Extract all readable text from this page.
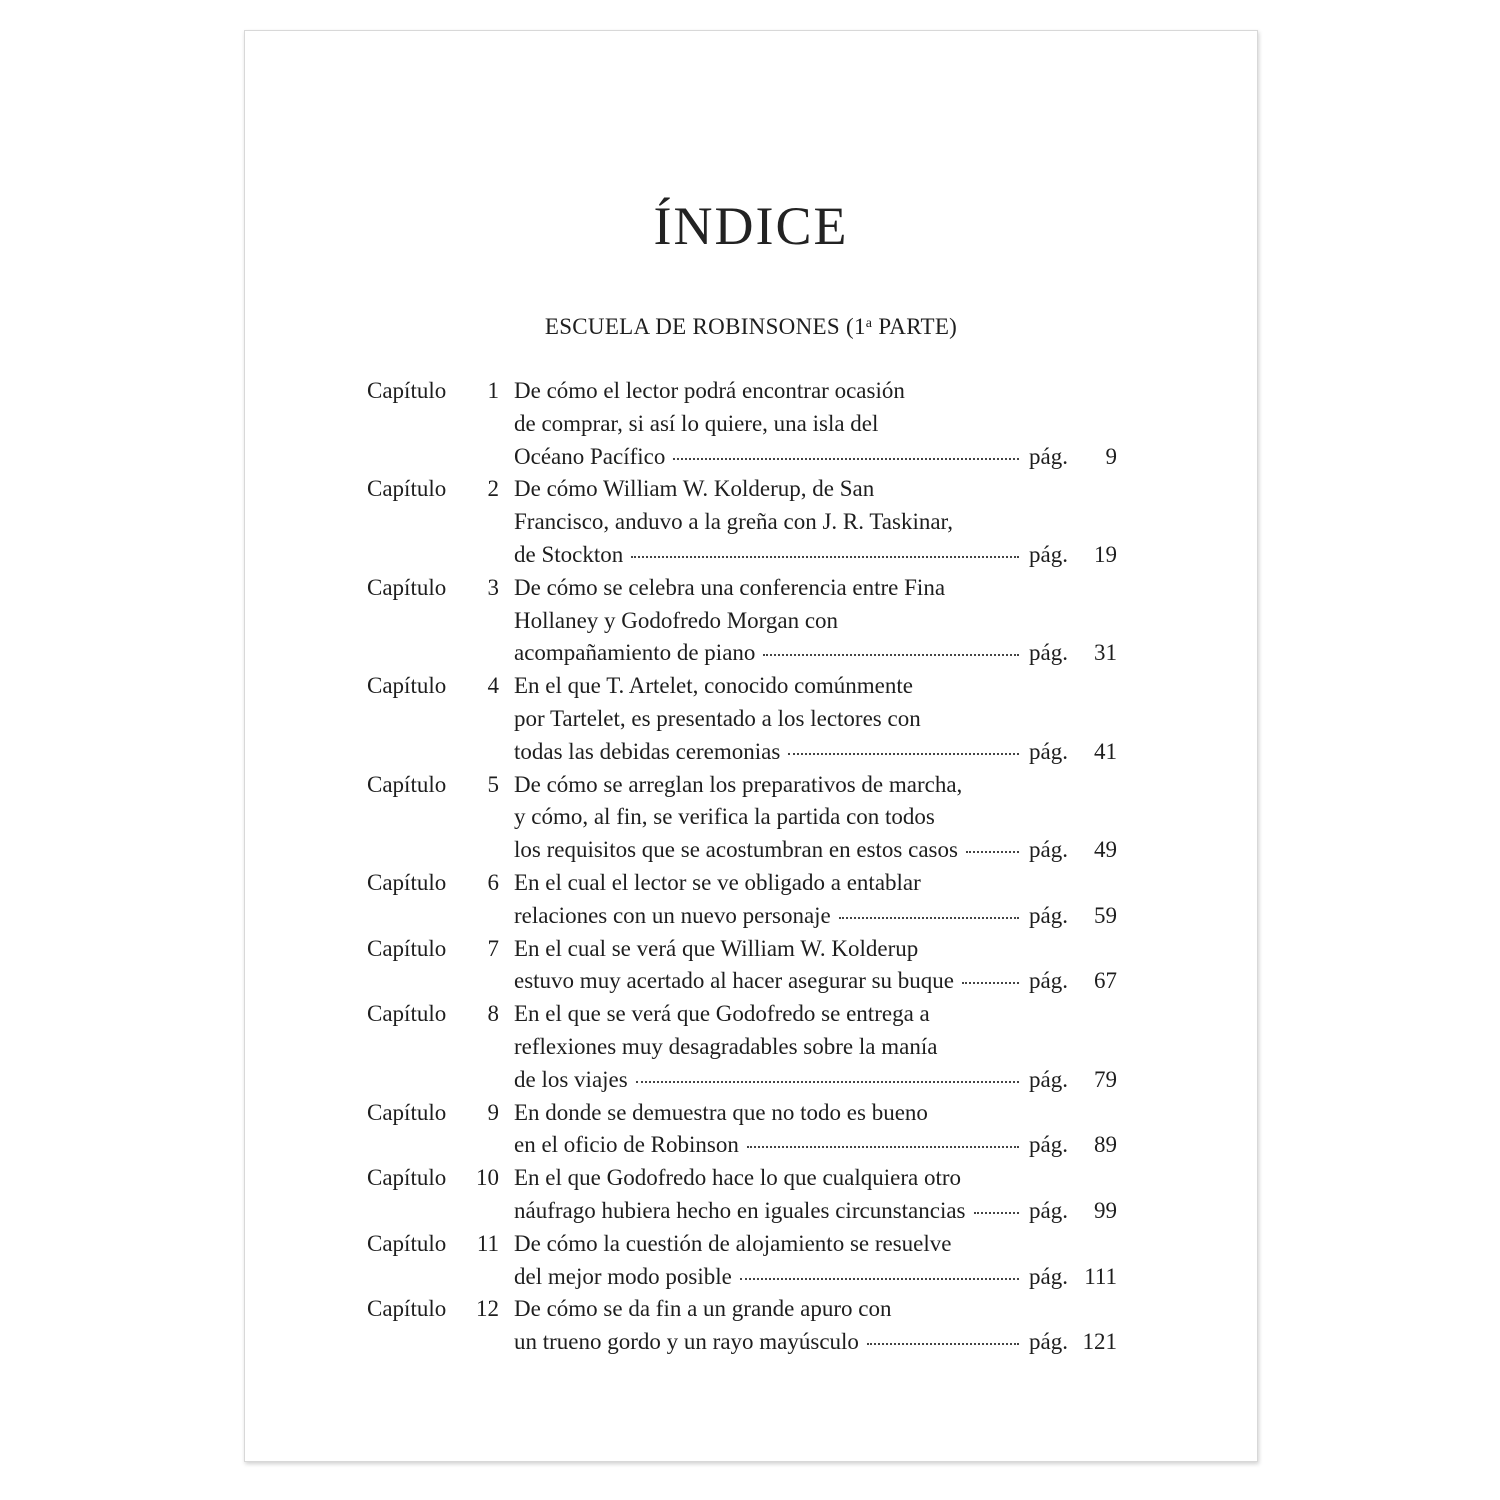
ÍNDICE
ESCUELA DE ROBINSONES (1$^a$ PARTE)
Capítulo	1 De cómo el lector podrá encontrar ocasión
de comprar, si así lo quiere, una isla del
Océano Pacífico	pág.	9
Capítulo	2 De cómo William W. Kolderup, de San
Francisco, anduvo a la greña con J. R. Taskinar,
de Stockton	pág.	19
Capítulo	3 De cómo se celebra una conferencia entre Fina
Hollaney y Godofredo Morgan con
acompañamiento de piano	pág.	31
Capítulo	4 En el que T. Artelet, conocido comúnmente
por Tartelet, es presentado a los lectores con
todas las debidas ceremonias	pág.	41
Capítulo	5 De cómo se arreglan los preparativos de marcha,
y cómo, al fin, se verifica la partida con todos
los requisitos que se acostumbran en estos casos	pág.	49
Capítulo	6 En el cual el lector se ve obligado a entablar
relaciones con un nuevo personaje	pág.	59
Capítulo	7 En el cual se verá que William W. Kolderup
estuvo muy acertado al hacer asegurar su buque	pág.	67
Capítulo	8 En el que se verá que Godofredo se entrega a
reflexiones muy desagradables sobre la manía
de los viajes	pág.	79
Capítulo	9 En donde se demuestra que no todo es bueno
en el oficio de Robinson	pág.	89
Capítulo	10 En el que Godofredo hace lo que cualquiera otro
náufrago hubiera hecho en iguales circunstancias	pág.	99
Capítulo	11 De cómo la cuestión de alojamiento se resuelve
del mejor modo posible	pág. 111
Capítulo	12 De cómo se da fin a un grande apuro con
un trueno gordo y un rayo mayúsculo	pág. 121
